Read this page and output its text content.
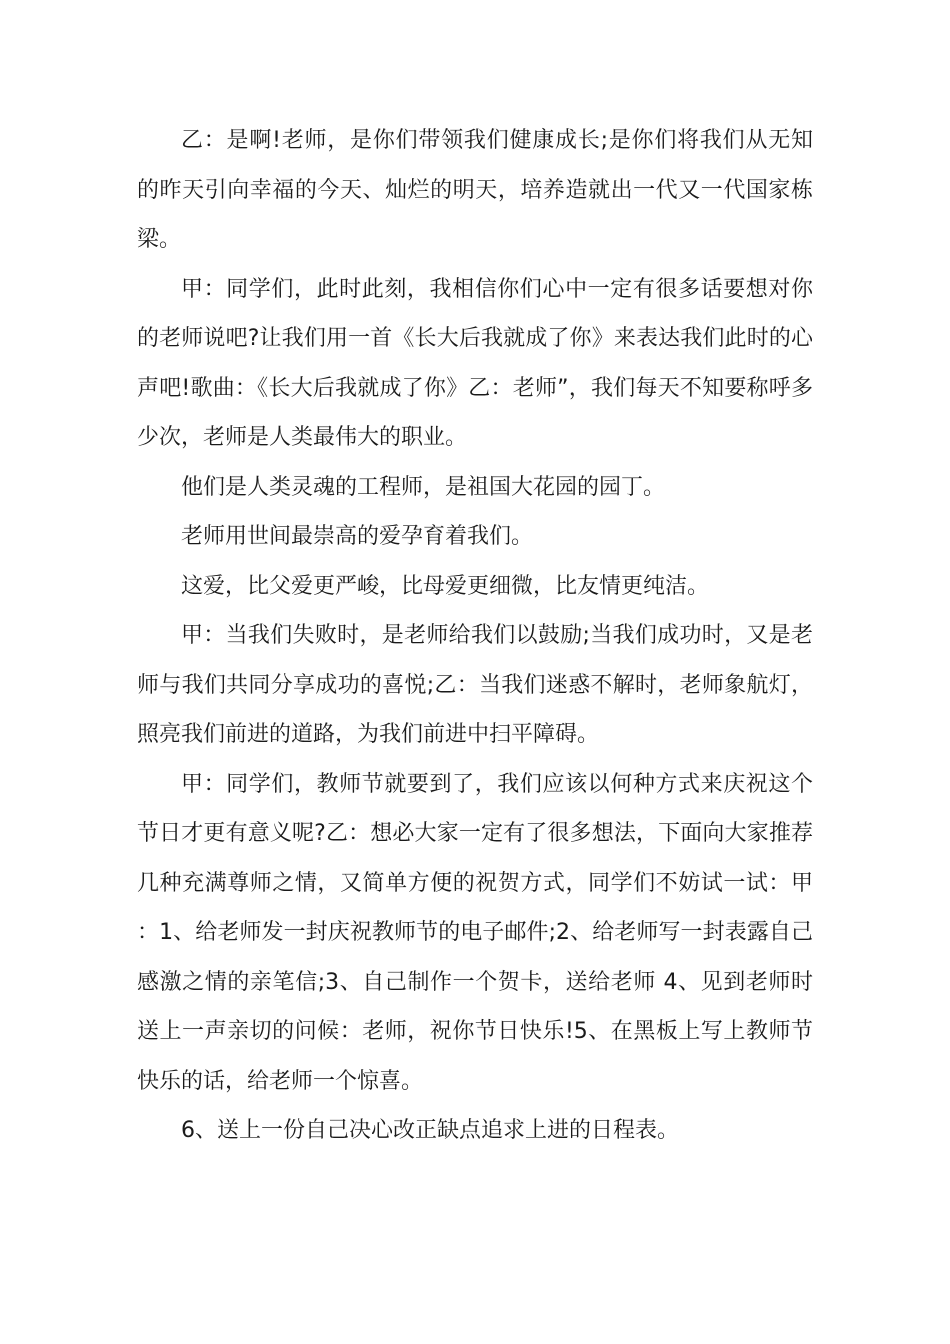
乙：是啊!老师，是你们带领我们健康成长;是你们将我们从无知的昨天引向幸福的今天、灿烂的明天，培养造就出一代又一代国家栋梁。

甲：同学们，此时此刻，我相信你们心中一定有很多话要想对你的老师说吧?让我们用一首《长大后我就成了你》来表达我们此时的心声吧!歌曲：《长大后我就成了你》乙：老师”，我们每天不知要称呼多少次，老师是人类最伟大的职业。

他们是人类灵魂的工程师，是祖国大花园的园丁。

老师用世间最崇高的爱孕育着我们。

这爱，比父爱更严峻，比母爱更细微，比友情更纯洁。

甲：当我们失败时，是老师给我们以鼓励;当我们成功时，又是老师与我们共同分享成功的喜悦;乙：当我们迷惑不解时，老师象航灯，照亮我们前进的道路，为我们前进中扫平障碍。

甲：同学们，教师节就要到了，我们应该以何种方式来庆祝这个节日才更有意义呢?乙：想必大家一定有了很多想法，下面向大家推荐几种充满尊师之情，又简单方便的祝贺方式，同学们不妨试一试：甲：1、给老师发一封庆祝教师节的电子邮件;2、给老师写一封表露自己感激之情的亲笔信;3、自己制作一个贺卡，送给老师 4、见到老师时送上一声亲切的问候：老师，祝你节日快乐!5、在黑板上写上教师节快乐的话，给老师一个惊喜。

6、送上一份自己决心改正缺点追求上进的日程表。
